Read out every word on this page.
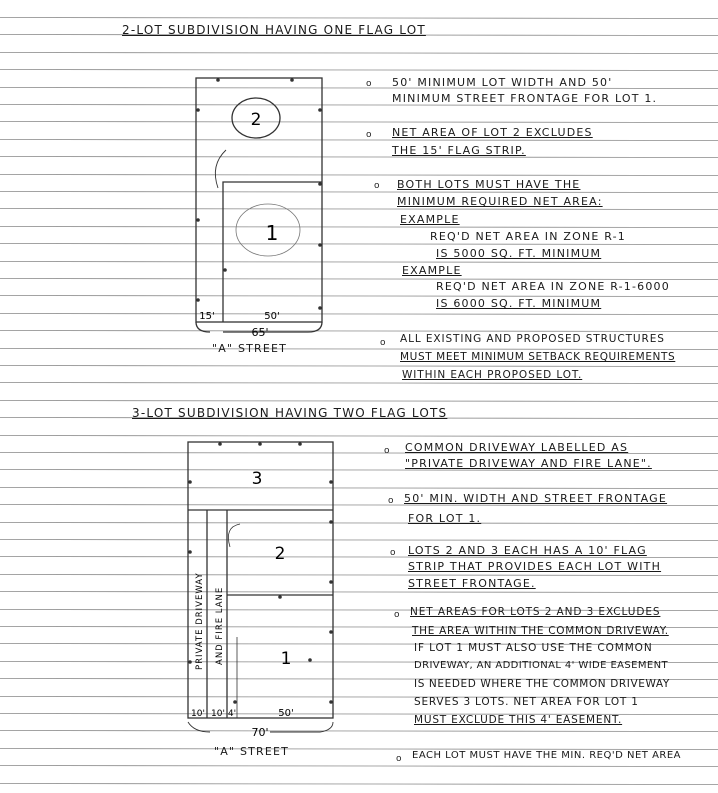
2-LOT SUBDIVISION HAVING ONE FLAG LOT
2
1
15'	50'
65'
"A" STREET
o 50' MINIMUM LOT WIDTH AND 50'
MINIMUM STREET FRONTAGE FOR LOT 1.
o NET AREA OF LOT 2 EXCLUDES
THE 15' FLAG STRIP.
o BOTH LOTS MUST HAVE THE
MINIMUM REQUIRED NET AREA:
EXAMPLE
REQ'D NET AREA IN ZONE R-1
IS 5000 SQ. FT. MINIMUM
EXAMPLE
REQ'D NET AREA IN ZONE R-1-6000
IS 6000 SQ. FT. MINIMUM
o ALL EXISTING AND PROPOSED STRUCTURES
MUST MEET MINIMUM SETBACK REQUIREMENTS
WITHIN EACH PROPOSED LOT.
3-LOT SUBDIVISION HAVING TWO FLAG LOTS
3
2
1
PRIVATE DRIVEWAY AND FIRE LANE
10' 10' 4'	50'
70'
"A" STREET
o COMMON DRIVEWAY LABELLED AS
"PRIVATE DRIVEWAY AND FIRE LANE".
o 50' MIN. WIDTH AND STREET FRONTAGE
FOR LOT 1.
o LOTS 2 AND 3 EACH HAS A 10' FLAG
STRIP THAT PROVIDES EACH LOT WITH
STREET FRONTAGE.
o NET AREAS FOR LOTS 2 AND 3 EXCLUDES
THE AREA WITHIN THE COMMON DRIVEWAY.
IF LOT 1 MUST ALSO USE THE COMMON
DRIVEWAY, AN ADDITIONAL 4' WIDE EASEMENT
IS NEEDED WHERE THE COMMON DRIVEWAY
SERVES 3 LOTS. NET AREA FOR LOT 1
MUST EXCLUDE THIS 4' EASEMENT.
o EACH LOT MUST HAVE THE MIN. REQ'D NET AREA
